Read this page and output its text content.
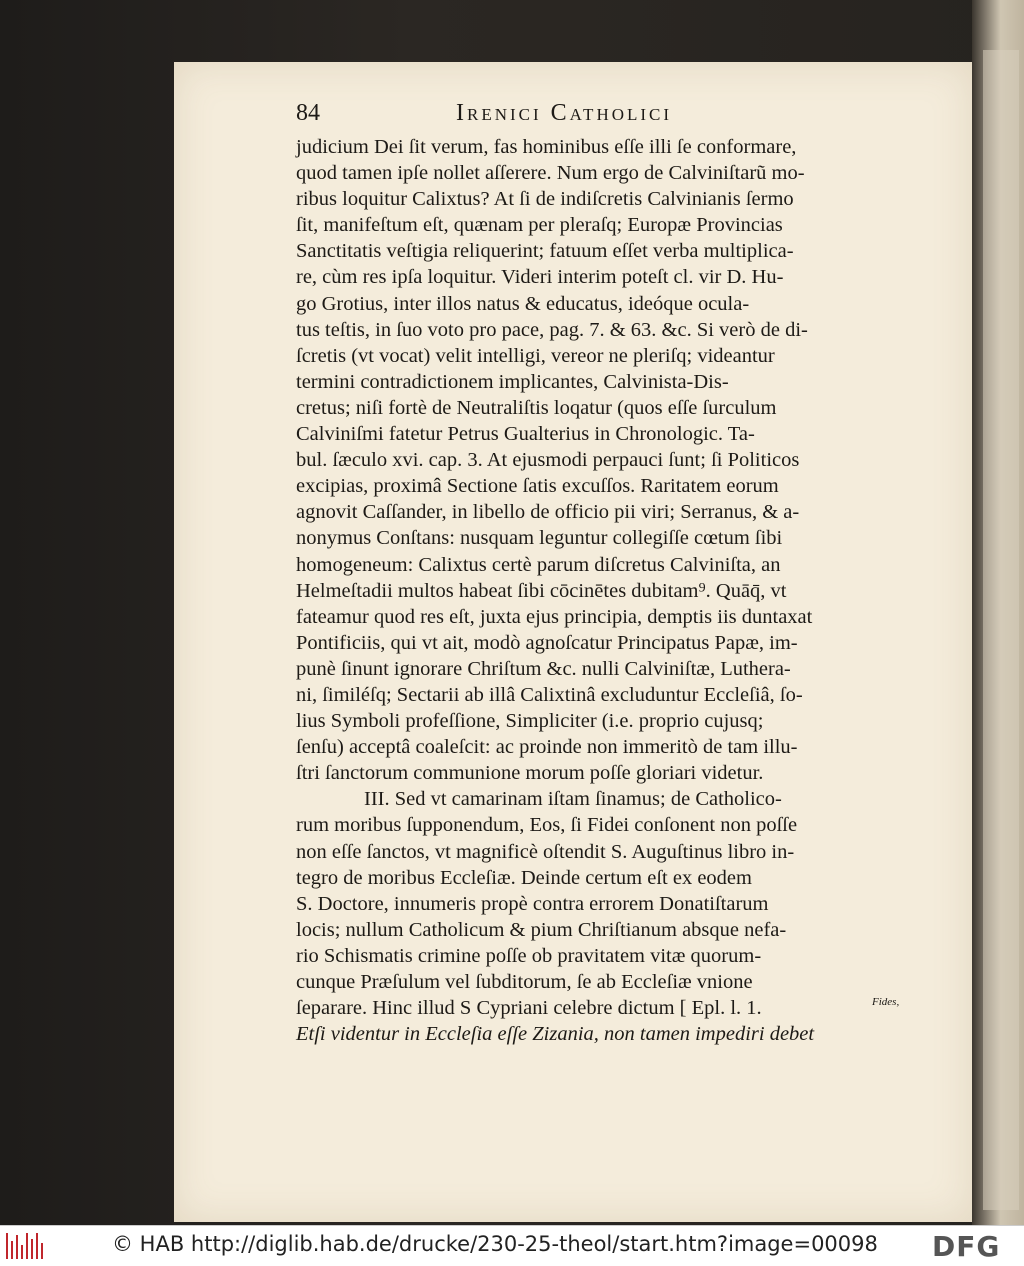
84	Irenici Catholici
judicium Dei ſit verum, fas hominibus eſſe illi ſe conformare,
quod tamen ipſe nollet aſſerere. Num ergo de Calviniſtarũ mo-
ribus loquitur Calixtus? At ſi de indiſcretis Calvinianis ſermo
ſit, manifeſtum eſt, quænam per pleraſq; Europæ Provincias
Sanctitatis veſtigia reliquerint; fatuum eſſet verba multiplica-
re, cùm res ipſa loquitur. Videri interim poteſt cl. vir D. Hu-
go Grotius, inter illos natus & educatus, ideóque ocula-
tus teſtis, in ſuo voto pro pace, pag. 7. & 63. &c. Si verò de di-
ſcretis (vt vocat) velit intelligi, vereor ne pleriſq; videantur
termini contradictionem implicantes, Calvinista-Dis-
cretus; niſi fortè de Neutraliſtis loqatur (quos eſſe ſurculum
Calviniſmi fatetur Petrus Gualterius in Chronologic. Ta-
bul. ſæculo xvi. cap. 3. At ejusmodi perpauci ſunt; ſi Politicos
excipias, proximâ Sectione ſatis excuſſos. Raritatem eorum
agnovit Caſſander, in libello de officio pii viri; Serranus, & a-
nonymus Conſtans: nusquam leguntur collegiſſe cœtum ſibi
homogeneum: Calixtus certè parum diſcretus Calviniſta, an
Helmeſtadii multos habeat ſibi cōcinētes dubitam⁹. Quāq̄, vt
fateamur quod res eſt, juxta ejus principia, demptis iis duntaxat
Pontificiis, qui vt ait, modò agnoſcatur Principatus Papæ, im-
punè ſinunt ignorare Chriſtum &c. nulli Calviniſtæ, Luthera-
ni, ſimiléſq; Sectarii ab illâ Calixtinâ excluduntur Eccleſiâ, ſo-
lius Symboli profeſſione, Simpliciter (i.e. proprio cujusq;
ſenſu) acceptâ coaleſcit: ac proinde non immeritò de tam illu-
ſtri ſanctorum communione morum poſſe gloriari videtur.
III. Sed vt camarinam iſtam ſinamus; de Catholico-
rum moribus ſupponendum, Eos, ſi Fidei conſonent non poſſe
non eſſe ſanctos, vt magnificè oſtendit S. Auguſtinus libro in-
tegro de moribus Eccleſiæ. Deinde certum eſt ex eodem
S. Doctore, innumeris propè contra errorem Donatiſtarum
locis; nullum Catholicum & pium Chriſtianum absque nefa-
rio Schismatis crimine poſſe ob pravitatem vitæ quorum-
cunque Præſulum vel ſubditorum, ſe ab Eccleſiæ vnione
ſeparare. Hinc illud S Cypriani celebre dictum [ Epl. l. 1.
Etſi videntur in Eccleſia eſſe Zizania, non tamen impediri debet
Fides,
© HAB http://diglib.hab.de/drucke/230-25-theol/start.htm?image=00098 DFG
